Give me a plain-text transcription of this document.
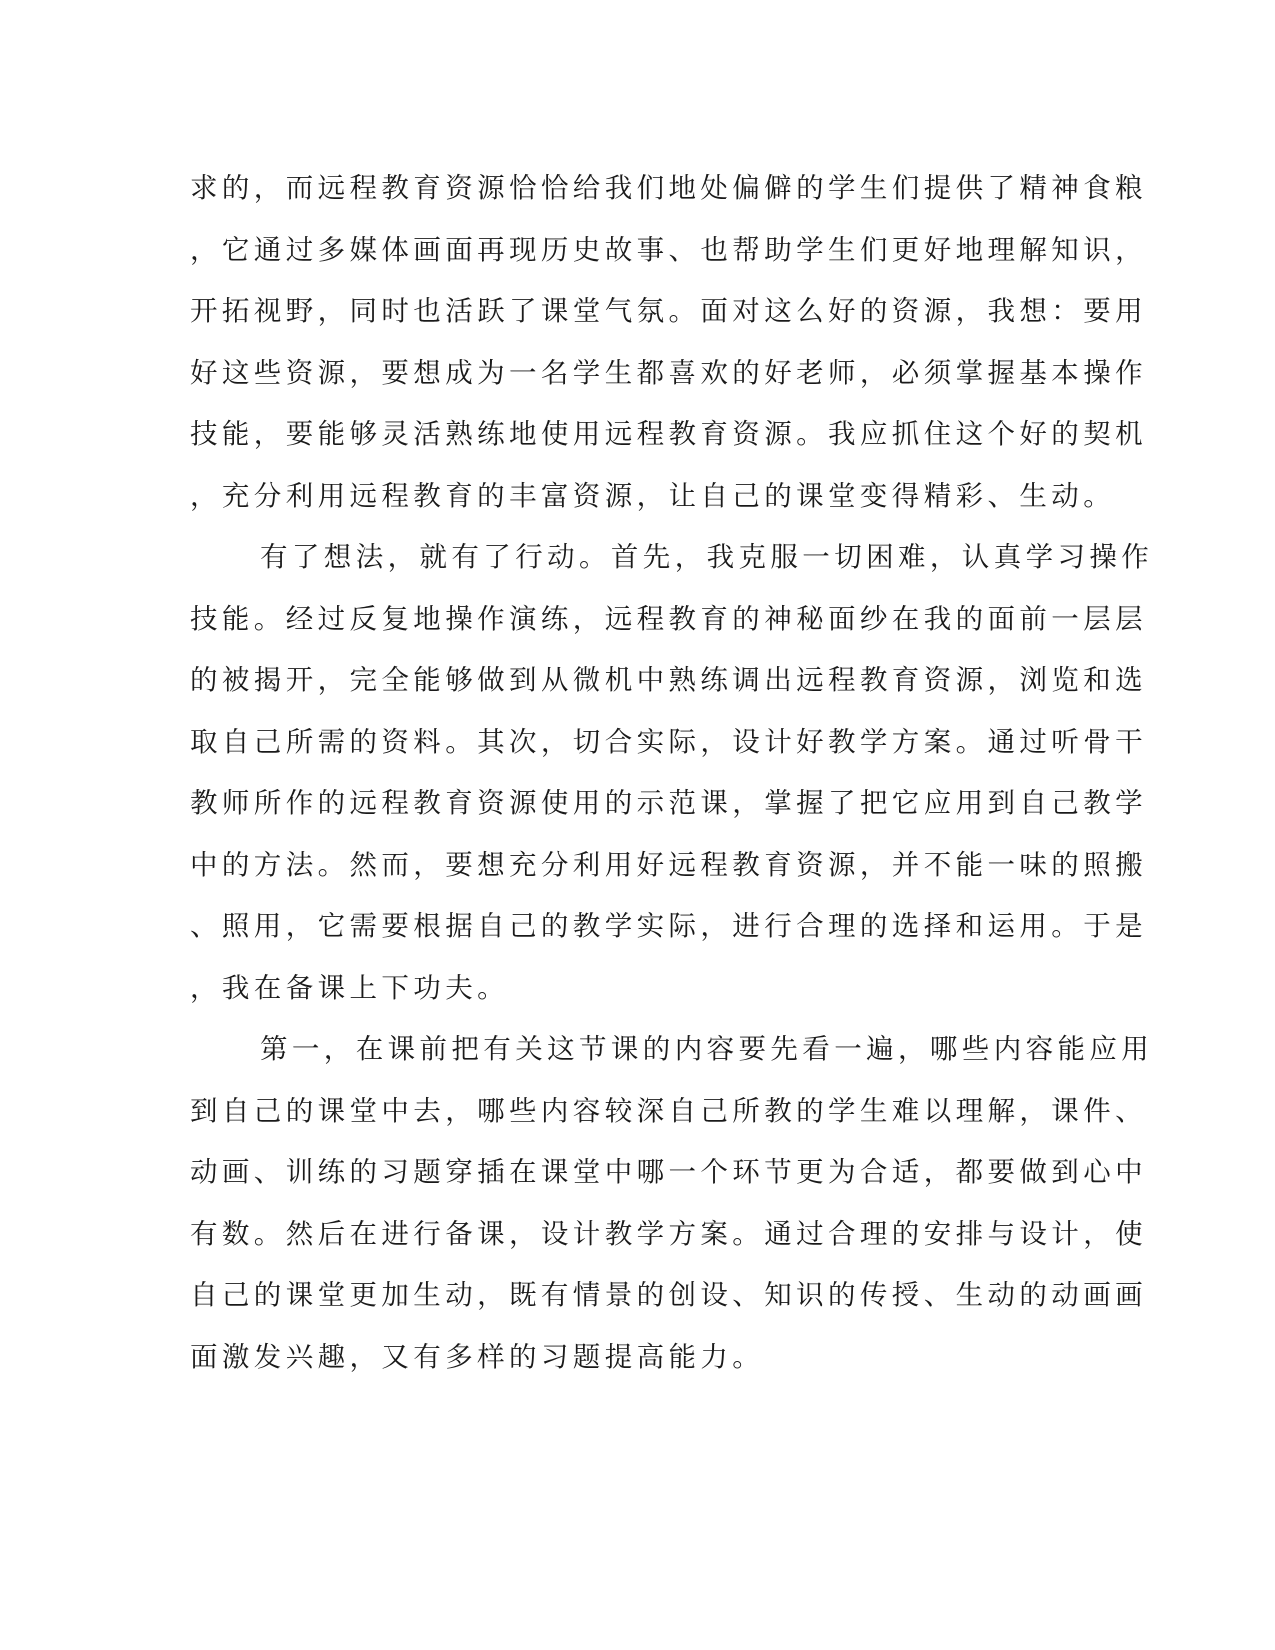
求的，而远程教育资源恰恰给我们地处偏僻的学生们提供了精神食粮
，它通过多媒体画面再现历史故事、也帮助学生们更好地理解知识，
开拓视野，同时也活跃了课堂气氛。面对这么好的资源，我想：要用
好这些资源，要想成为一名学生都喜欢的好老师，必须掌握基本操作
技能，要能够灵活熟练地使用远程教育资源。我应抓住这个好的契机
，充分利用远程教育的丰富资源，让自己的课堂变得精彩、生动。
有了想法，就有了行动。首先，我克服一切困难，认真学习操作
技能。经过反复地操作演练，远程教育的神秘面纱在我的面前一层层
的被揭开，完全能够做到从微机中熟练调出远程教育资源，浏览和选
取自己所需的资料。其次，切合实际，设计好教学方案。通过听骨干
教师所作的远程教育资源使用的示范课，掌握了把它应用到自己教学
中的方法。然而，要想充分利用好远程教育资源，并不能一味的照搬
、照用，它需要根据自己的教学实际，进行合理的选择和运用。于是
，我在备课上下功夫。
第一，在课前把有关这节课的内容要先看一遍，哪些内容能应用
到自己的课堂中去，哪些内容较深自己所教的学生难以理解，课件、
动画、训练的习题穿插在课堂中哪一个环节更为合适，都要做到心中
有数。然后在进行备课，设计教学方案。通过合理的安排与设计，使
自己的课堂更加生动，既有情景的创设、知识的传授、生动的动画画
面激发兴趣，又有多样的习题提高能力。
